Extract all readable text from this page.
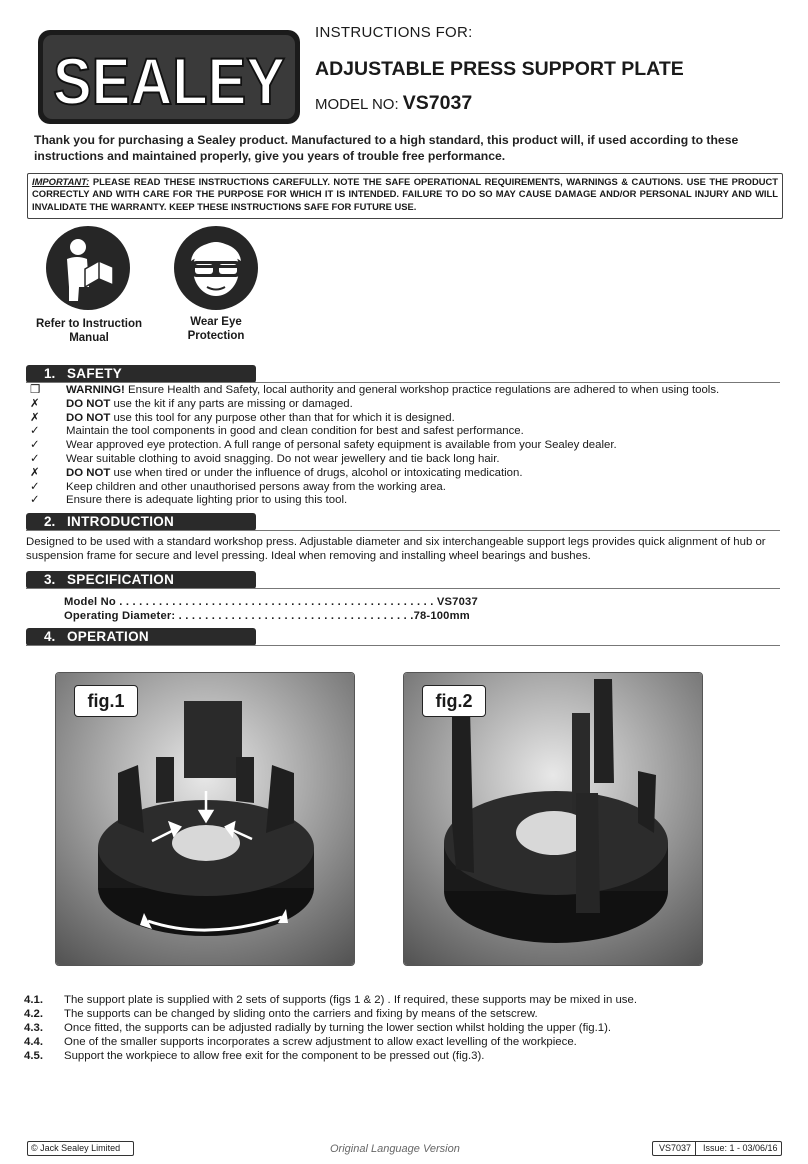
SEALEY
INSTRUCTIONS FOR:
ADJUSTABLE PRESS SUPPORT PLATE
MODEL NO: VS7037
Thank you for purchasing a Sealey product. Manufactured to a high standard, this product will, if used according to these instructions and maintained properly, give you years of trouble free performance.
IMPORTANT: PLEASE READ THESE INSTRUCTIONS CAREFULLY. NOTE THE SAFE OPERATIONAL REQUIREMENTS, WARNINGS & CAUTIONS. USE THE PRODUCT CORRECTLY AND WITH CARE FOR THE PURPOSE FOR WHICH IT IS INTENDED. FAILURE TO DO SO MAY CAUSE DAMAGE AND/OR PERSONAL INJURY AND WILL INVALIDATE THE WARRANTY. KEEP THESE INSTRUCTIONS SAFE FOR FUTURE USE.
Refer to Instruction
Manual
Wear Eye
Protection
1. SAFETY
❒	WARNING! Ensure Health and Safety, local authority and general workshop practice regulations are adhered to when using tools.
✗	DO NOT use the kit if any parts are missing or damaged.
✗	DO NOT use this tool for any purpose other than that for which it is designed.
✓	Maintain the tool components in good and clean condition for best and safest performance.
✓	Wear approved eye protection. A full range of personal safety equipment is available from your Sealey dealer.
✓	Wear suitable clothing to avoid snagging. Do not wear jewellery and tie back long hair.
✗	DO NOT use when tired or under the influence of drugs, alcohol or intoxicating medication.
✓	Keep children and other unauthorised persons away from the working area.
✓	Ensure there is adequate lighting prior to using this tool.
2. INTRODUCTION
Designed to be used with a standard workshop press. Adjustable diameter and six interchangeable support legs provides quick alignment of hub or suspension frame for secure and level pressing. Ideal when removing and installing wheel bearings and bushes.
3. SPECIFICATION
Model No . . . . . . . . . . . . . . . . . . . . . . . . . . . . . . . . . . . . . . . . . . . . . . . . VS7037
Operating Diameter: . . . . . . . . . . . . . . . . . . . . . . . . . . . . . . . . . . . .78-100mm
4. OPERATION
fig.1	fig.2
4.1. The support plate is supplied with 2 sets of supports (figs 1 & 2) . If required, these supports may be mixed in use.
4.2. The supports can be changed by sliding onto the carriers and fixing by means of the setscrew.
4.3. Once fitted, the supports can be adjusted radially by turning the lower section whilst holding the upper (fig.1).
4.4. One of the smaller supports incorporates a screw adjustment to allow exact levelling of the workpiece.
4.5. Support the workpiece to allow free exit for the component to be pressed out (fig.3).
© Jack Sealey Limited	Original Language Version	VS7037 Issue: 1 - 03/06/16
